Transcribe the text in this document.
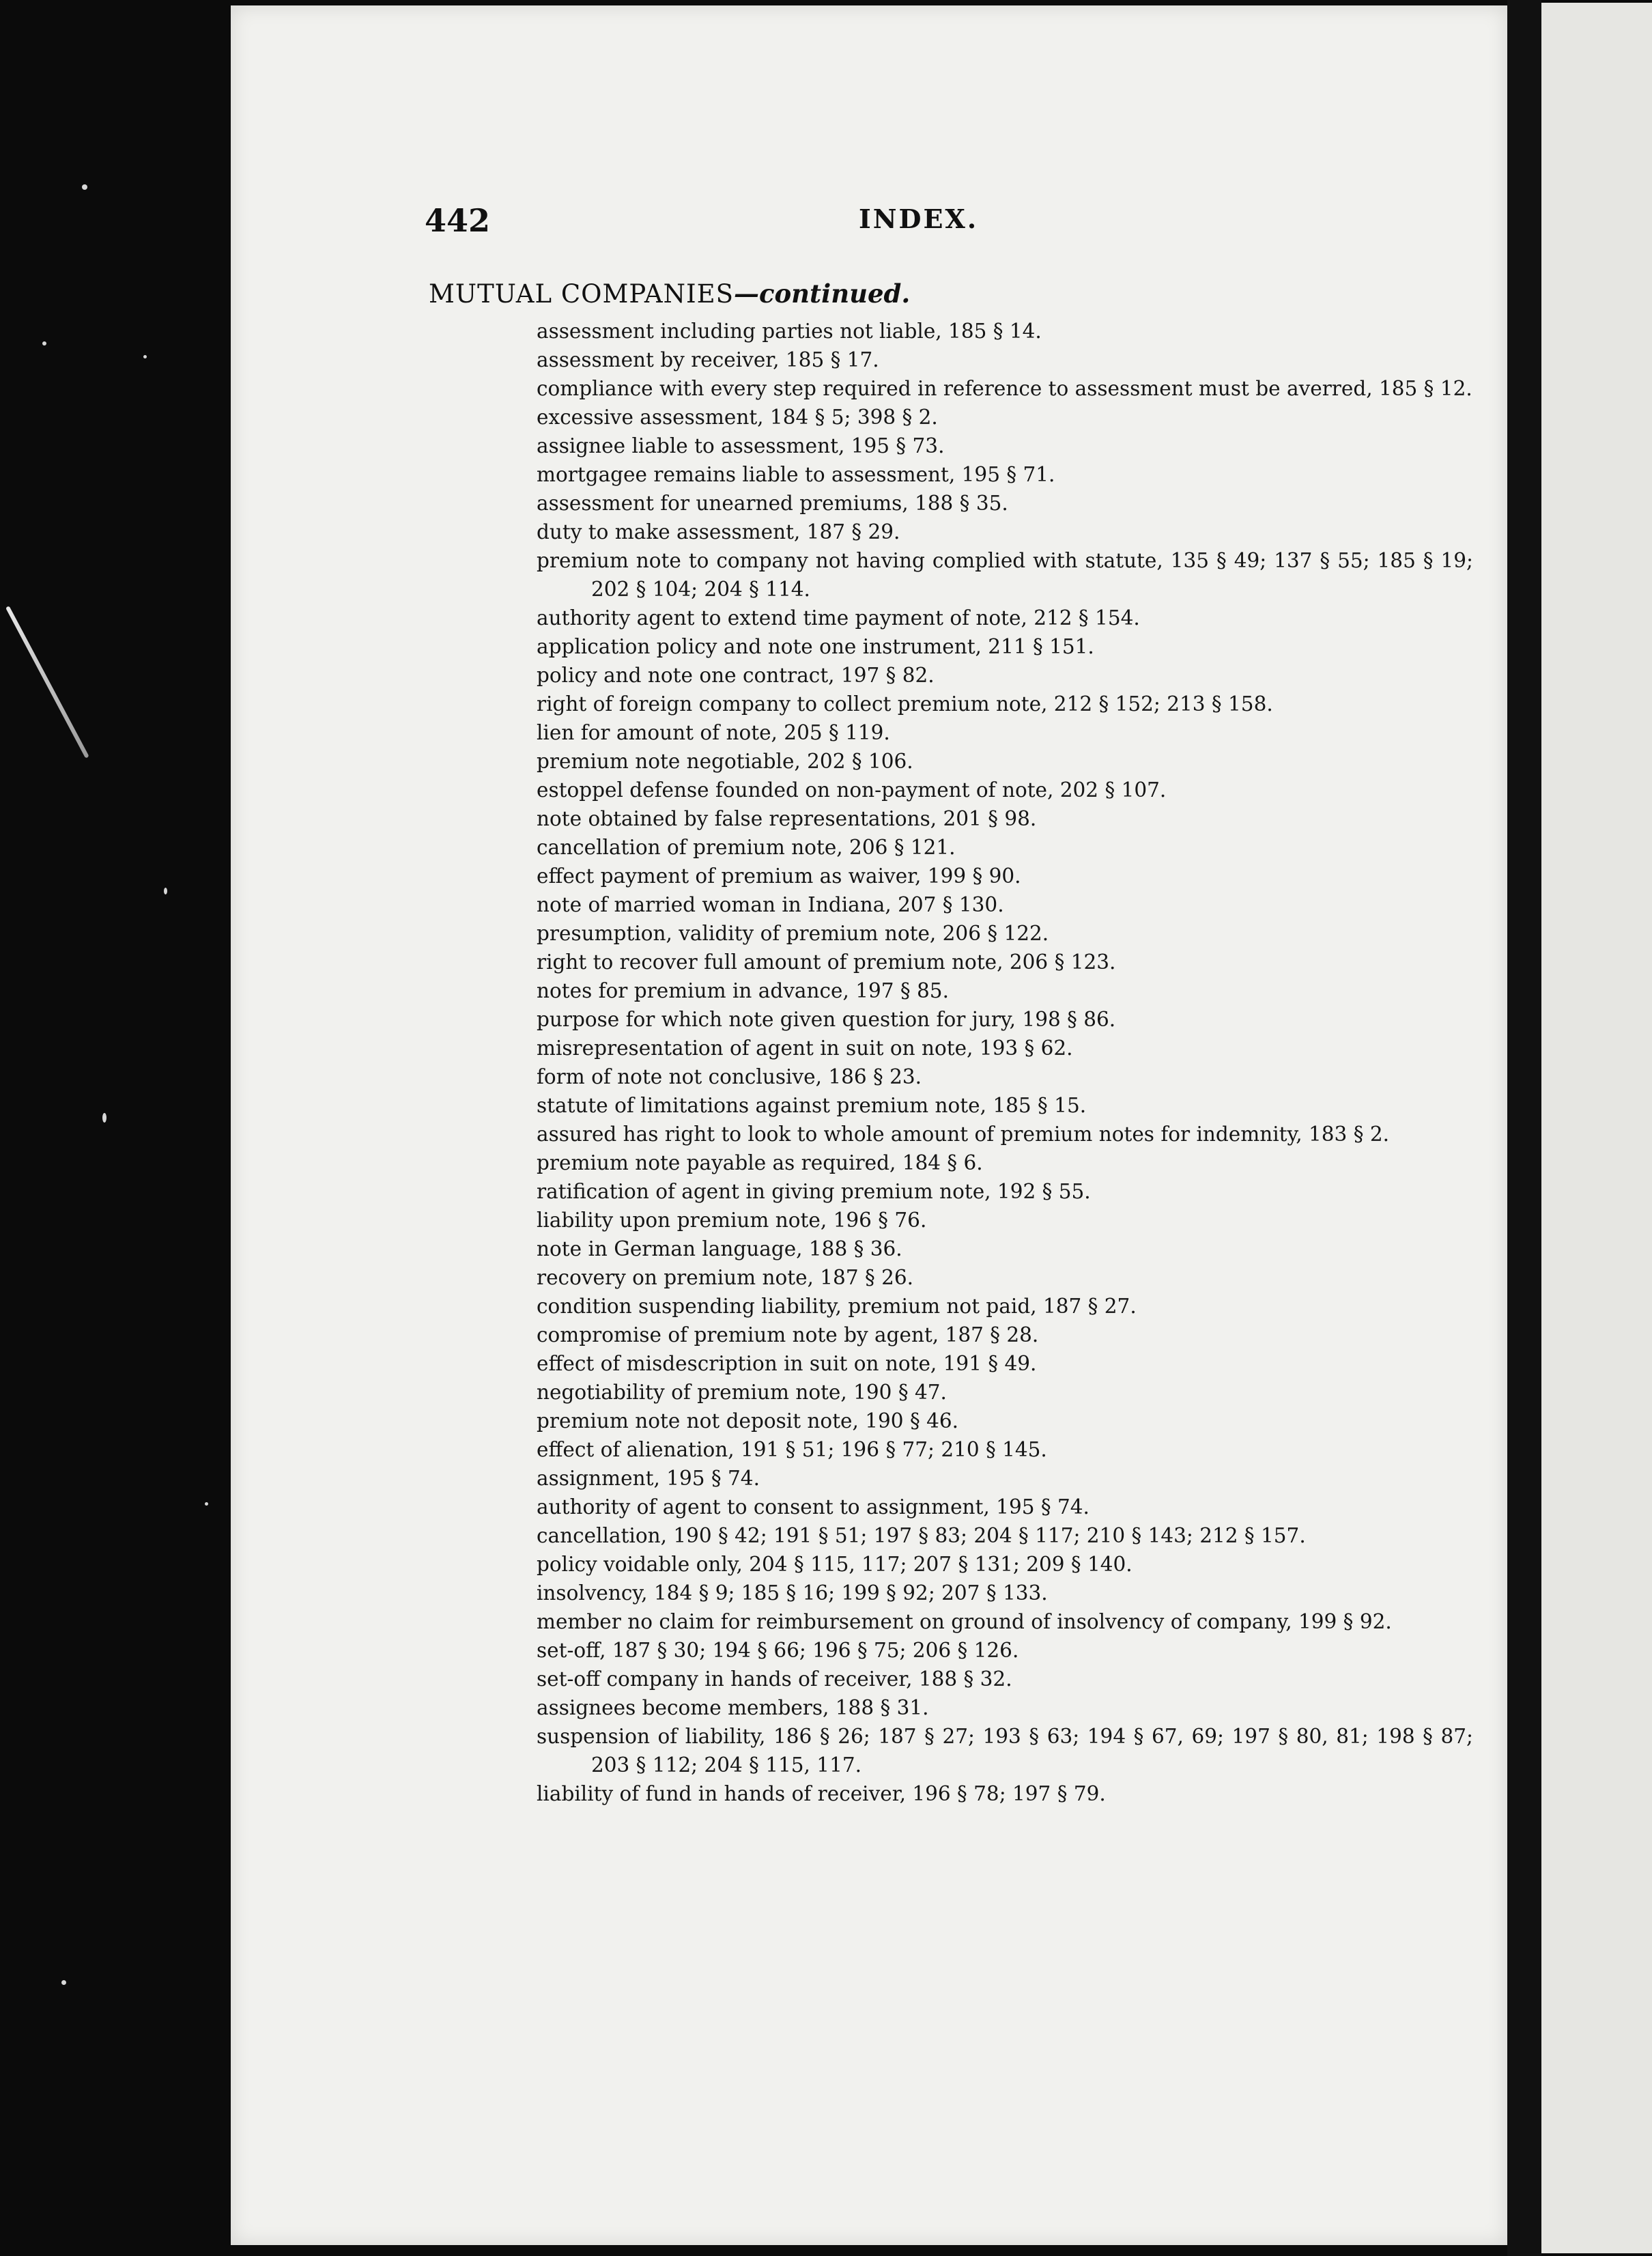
442	INDEX.
MUTUAL COMPANIES—continued.
assessment including parties not liable, 185 § 14.
assessment by receiver, 185 § 17.
compliance with every step required in reference to assessment must be averred, 185 § 12.
excessive assessment, 184 § 5; 398 § 2.
assignee liable to assessment, 195 § 73.
mortgagee remains liable to assessment, 195 § 71.
assessment for unearned premiums, 188 § 35.
duty to make assessment, 187 § 29.
premium note to company not having complied with statute, 135 § 49; 137 § 55; 185 § 19; 202 § 104; 204 § 114.
authority agent to extend time payment of note, 212 § 154.
application policy and note one instrument, 211 § 151.
policy and note one contract, 197 § 82.
right of foreign company to collect premium note, 212 § 152; 213 § 158.
lien for amount of note, 205 § 119.
premium note negotiable, 202 § 106.
estoppel defense founded on non-payment of note, 202 § 107.
note obtained by false representations, 201 § 98.
cancellation of premium note, 206 § 121.
effect payment of premium as waiver, 199 § 90.
note of married woman in Indiana, 207 § 130.
presumption, validity of premium note, 206 § 122.
right to recover full amount of premium note, 206 § 123.
notes for premium in advance, 197 § 85.
purpose for which note given question for jury, 198 § 86.
misrepresentation of agent in suit on note, 193 § 62.
form of note not conclusive, 186 § 23.
statute of limitations against premium note, 185 § 15.
assured has right to look to whole amount of premium notes for indemnity, 183 § 2.
premium note payable as required, 184 § 6.
ratification of agent in giving premium note, 192 § 55.
liability upon premium note, 196 § 76.
note in German language, 188 § 36.
recovery on premium note, 187 § 26.
condition suspending liability, premium not paid, 187 § 27.
compromise of premium note by agent, 187 § 28.
effect of misdescription in suit on note, 191 § 49.
negotiability of premium note, 190 § 47.
premium note not deposit note, 190 § 46.
effect of alienation, 191 § 51; 196 § 77; 210 § 145.
assignment, 195 § 74.
authority of agent to consent to assignment, 195 § 74.
cancellation, 190 § 42; 191 § 51; 197 § 83; 204 § 117; 210 § 143; 212 § 157.
policy voidable only, 204 § 115, 117; 207 § 131; 209 § 140.
insolvency, 184 § 9; 185 § 16; 199 § 92; 207 § 133.
member no claim for reimbursement on ground of insolvency of company, 199 § 92.
set-off, 187 § 30; 194 § 66; 196 § 75; 206 § 126.
set-off company in hands of receiver, 188 § 32.
assignees become members, 188 § 31.
suspension of liability, 186 § 26; 187 § 27; 193 § 63; 194 § 67, 69; 197 § 80, 81; 198 § 87; 203 § 112; 204 § 115, 117.
liability of fund in hands of receiver, 196 § 78; 197 § 79.
